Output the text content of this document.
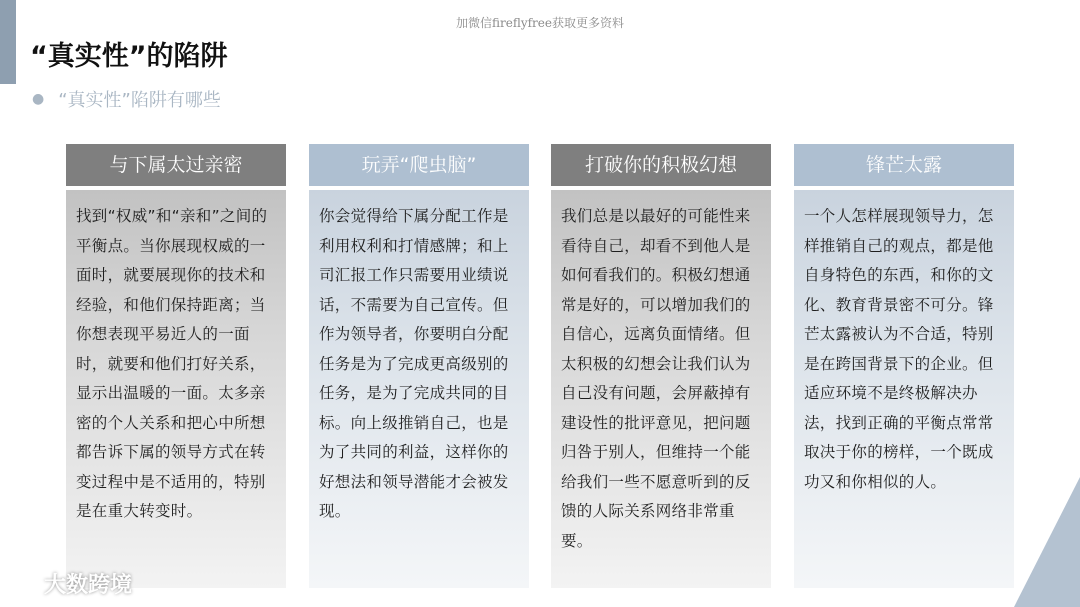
加微信fireflyfree获取更多资料
“真实性”的陷阱
● “真实性”陷阱有哪些
与下属太过亲密
找到“权威”和“亲和”之间的平衡点。当你展现权威的一面时，就要展现你的技术和经验，和他们保持距离；当你想表现平易近人的一面时，就要和他们打好关系，显示出温暖的一面。太多亲密的个人关系和把心中所想都告诉下属的领导方式在转变过程中是不适用的，特别是在重大转变时。
玩弄“爬虫脑”
你会觉得给下属分配工作是利用权利和打情感牌；和上司汇报工作只需要用业绩说话，不需要为自己宣传。但作为领导者，你要明白分配任务是为了完成更高级别的任务，是为了完成共同的目标。向上级推销自己，也是为了共同的利益，这样你的好想法和领导潜能才会被发现。
打破你的积极幻想
我们总是以最好的可能性来看待自己，却看不到他人是如何看我们的。积极幻想通常是好的，可以增加我们的自信心，远离负面情绪。但太积极的幻想会让我们认为自己没有问题，会屏蔽掉有建设性的批评意见，把问题归咎于别人，但维持一个能给我们一些不愿意听到的反馈的人际关系网络非常重要。
锋芒太露
一个人怎样展现领导力，怎样推销自己的观点，都是他自身特色的东西，和你的文化、教育背景密不可分。锋芒太露被认为不合适，特别是在跨国背景下的企业。但适应环境不是终极解决办法，找到正确的平衡点常常取决于你的榜样，一个既成功又和你相似的人。
大数跨境
